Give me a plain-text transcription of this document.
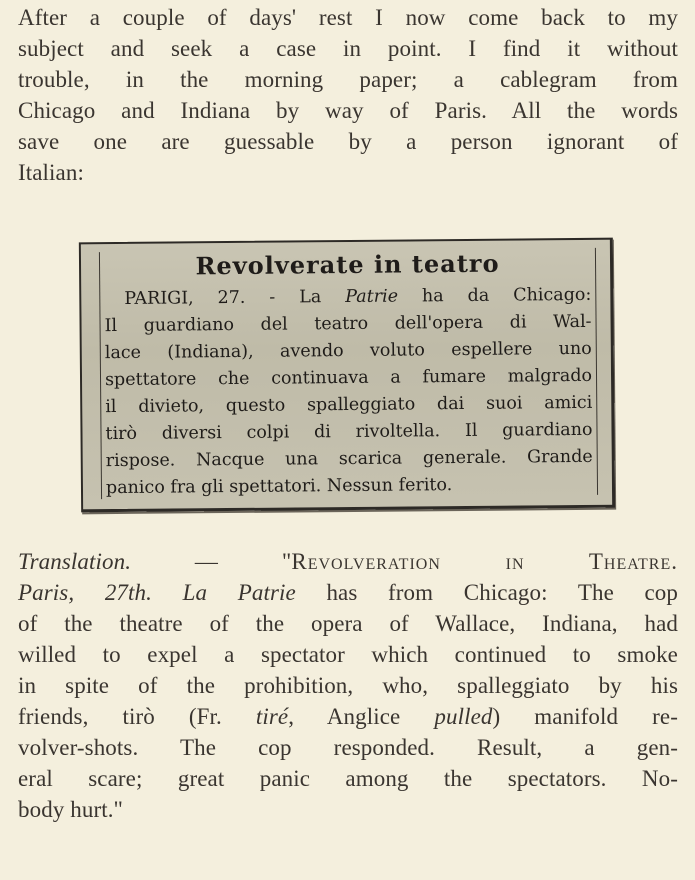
After a couple of days' rest I now come back to my
subject and seek a case in point. I find it without
trouble, in the morning paper; a cablegram from
Chicago and Indiana by way of Paris. All the words
save one are guessable by a person ignorant of
Italian:
Revolverate in teatro
PARIGI, 27. - La Patrie ha da Chicago:
Il guardiano del teatro dell'opera di Wal-
lace (Indiana), avendo voluto espellere uno
spettatore che continuava a fumare malgrado
il divieto, questo spalleggiato dai suoi amici
tirò diversi colpi di rivoltella. Il guardiano
rispose. Nacque una scarica generale. Grande
panico fra gli spettatori. Nessun ferito.
Translation. — "Revolveration in Theatre.
Paris, 27th. La Patrie has from Chicago: The cop
of the theatre of the opera of Wallace, Indiana, had
willed to expel a spectator which continued to smoke
in spite of the prohibition, who, spalleggiato by his
friends, tirò (Fr. tiré, Anglice pulled) manifold re-
volver-shots. The cop responded. Result, a gen-
eral scare; great panic among the spectators. No-
body hurt."
